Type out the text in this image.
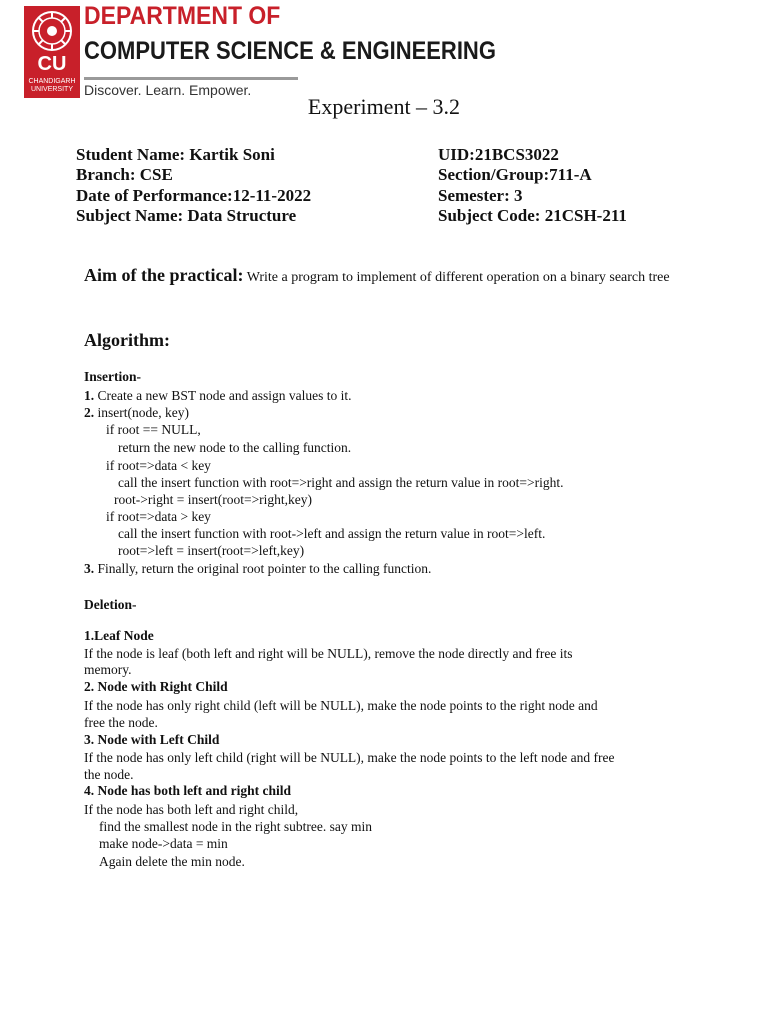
CU
CHANDIGARH
UNIVERSITY
DEPARTMENT OF
COMPUTER SCIENCE & ENGINEERING
Discover. Learn. Empower.
Experiment – 3.2
Student Name: Kartik Soni
Branch: CSE
Date of Performance:12-11-2022
Subject Name: Data Structure
UID:21BCS3022
Section/Group:711-A
Semester: 3
Subject Code: 21CSH-211
Aim of the practical: Write a program to implement of different operation on a binary search tree
Algorithm:
Insertion-
1. Create a new BST node and assign values to it.
2. insert(node, key)
if root == NULL,
return the new node to the calling function.
if root=>data < key
call the insert function with root=>right and assign the return value in root=>right.
root->right = insert(root=>right,key)
if root=>data > key
call the insert function with root->left and assign the return value in root=>left.
root=>left = insert(root=>left,key)
3. Finally, return the original root pointer to the calling function.
Deletion-
1.Leaf Node
If the node is leaf (both left and right will be NULL), remove the node directly and free its
memory.
2. Node with Right Child
If the node has only right child (left will be NULL), make the node points to the right node and
free the node.
3. Node with Left Child
If the node has only left child (right will be NULL), make the node points to the left node and free
the node.
4. Node has both left and right child
If the node has both left and right child,
find the smallest node in the right subtree. say min
make node->data = min
Again delete the min node.
